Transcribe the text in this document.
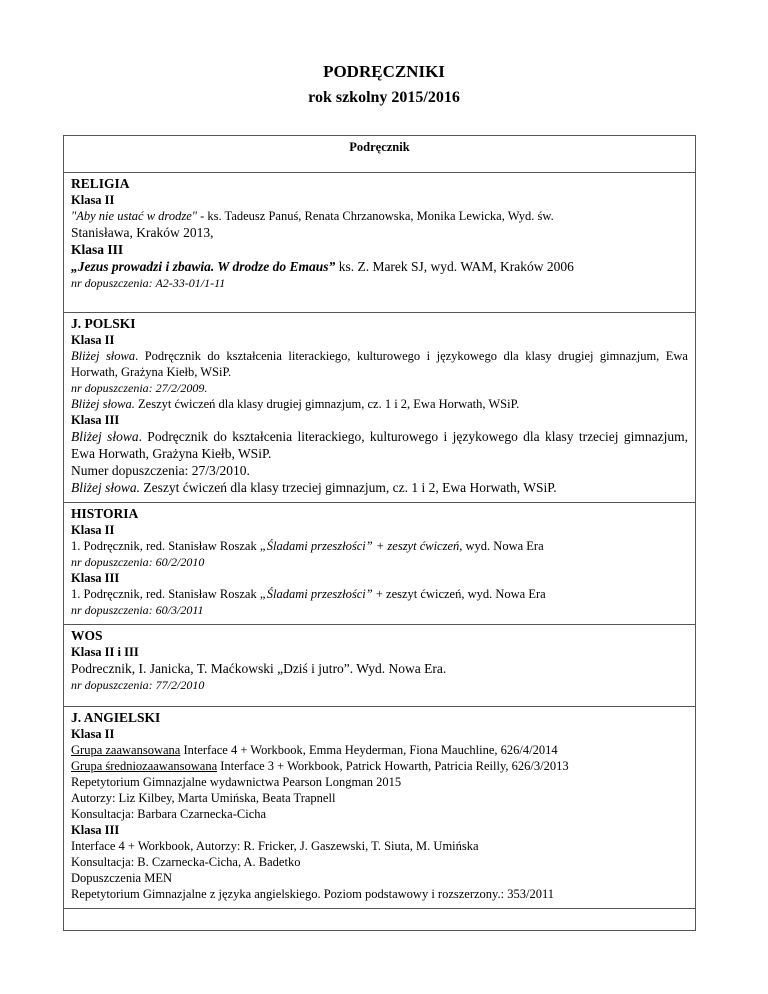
PODRĘCZNIKI
rok szkolny 2015/2016
Podręcznik

RELIGIA
Klasa II
"Aby nie ustać w drodze" - ks. Tadeusz Panuś, Renata Chrzanowska, Monika Lewicka, Wyd. św.
Stanisława, Kraków 2013,
Klasa III
„Jezus prowadzi i zbawia. W drodze do Emaus” ks. Z. Marek SJ, wyd. WAM, Kraków 2006
nr dopuszczenia: A2-33-01/1-11

J. POLSKI
Klasa II
Bliżej słowa. Podręcznik do kształcenia literackiego, kulturowego i językowego dla klasy drugiej gimnazjum, Ewa Horwath, Grażyna Kiełb, WSiP.
nr dopuszczenia: 27/2/2009.
Bliżej słowa. Zeszyt ćwiczeń dla klasy drugiej gimnazjum, cz. 1 i 2, Ewa Horwath, WSiP.
Klasa III
Bliżej słowa. Podręcznik do kształcenia literackiego, kulturowego i językowego dla klasy trzeciej gimnazjum, Ewa Horwath, Grażyna Kiełb, WSiP.
Numer dopuszczenia: 27/3/2010.
Bliżej słowa. Zeszyt ćwiczeń dla klasy trzeciej gimnazjum, cz. 1 i 2, Ewa Horwath, WSiP.

HISTORIA
Klasa II
1. Podręcznik, red. Stanisław Roszak „Śladami przeszłości” + zeszyt ćwiczeń, wyd. Nowa Era
nr dopuszczenia: 60/2/2010
Klasa III
1. Podręcznik, red. Stanisław Roszak „Śladami przeszłości” + zeszyt ćwiczeń, wyd. Nowa Era
nr dopuszczenia: 60/3/2011

WOS
Klasa II i III
Podrecznik, I. Janicka, T. Maćkowski „Dziś i jutro”. Wyd. Nowa Era.
nr dopuszczenia: 77/2/2010

J. ANGIELSKI
Klasa II
Grupa zaawansowana Interface 4 + Workbook, Emma Heyderman, Fiona Mauchline, 626/4/2014
Grupa średniozaawansowana Interface 3 + Workbook, Patrick Howarth, Patricia Reilly, 626/3/2013
Repetytorium Gimnazjalne wydawnictwa Pearson Longman 2015
Autorzy: Liz Kilbey, Marta Umińska, Beata Trapnell
Konsultacja: Barbara Czarnecka-Cicha
Klasa III
Interface 4 + Workbook, Autorzy: R. Fricker, J. Gaszewski, T. Siuta, M. Umińska
Konsultacja: B. Czarnecka-Cicha, A. Badetko
Dopuszczenia MEN
Repetytorium Gimnazjalne z języka angielskiego. Poziom podstawowy i rozszerzony.: 353/2011
